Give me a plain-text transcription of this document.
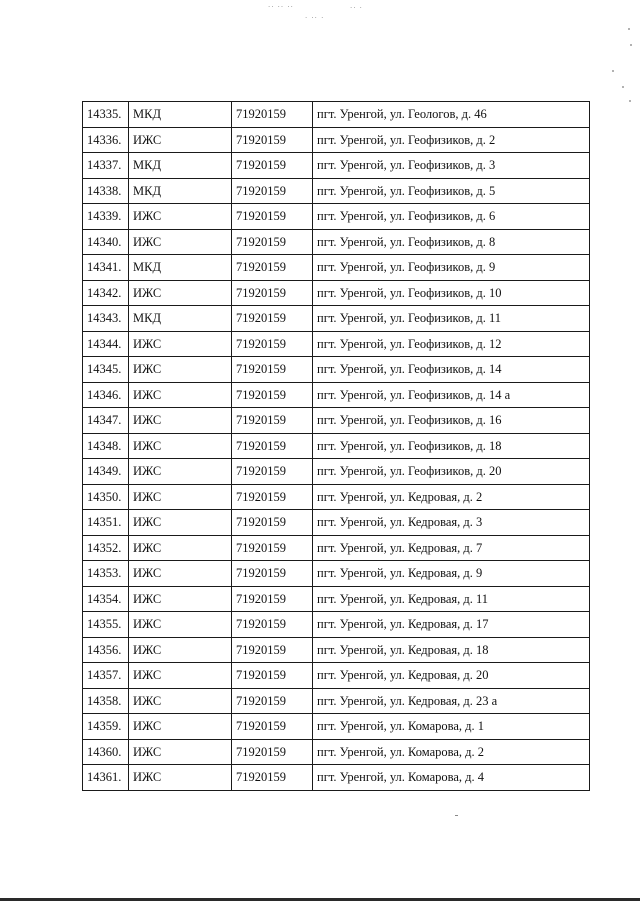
·· ·· ··
· ·· ·
·· ·
14335. МКД	71920159	пгт. Уренгой, ул. Геологов, д. 46
14336. ИЖС	71920159	пгт. Уренгой, ул. Геофизиков, д. 2
14337. МКД	71920159	пгт. Уренгой, ул. Геофизиков, д. 3
14338. МКД	71920159	пгт. Уренгой, ул. Геофизиков, д. 5
14339. ИЖС	71920159	пгт. Уренгой, ул. Геофизиков, д. 6
14340. ИЖС	71920159	пгт. Уренгой, ул. Геофизиков, д. 8
14341. МКД	71920159	пгт. Уренгой, ул. Геофизиков, д. 9
14342. ИЖС	71920159	пгт. Уренгой, ул. Геофизиков, д. 10
14343. МКД	71920159	пгт. Уренгой, ул. Геофизиков, д. 11
14344. ИЖС	71920159	пгт. Уренгой, ул. Геофизиков, д. 12
14345. ИЖС	71920159	пгт. Уренгой, ул. Геофизиков, д. 14
14346. ИЖС	71920159	пгт. Уренгой, ул. Геофизиков, д. 14 а
14347. ИЖС	71920159	пгт. Уренгой, ул. Геофизиков, д. 16
14348. ИЖС	71920159	пгт. Уренгой, ул. Геофизиков, д. 18
14349. ИЖС	71920159	пгт. Уренгой, ул. Геофизиков, д. 20
14350. ИЖС	71920159	пгт. Уренгой, ул. Кедровая, д. 2
14351. ИЖС	71920159	пгт. Уренгой, ул. Кедровая, д. 3
14352. ИЖС	71920159	пгт. Уренгой, ул. Кедровая, д. 7
14353. ИЖС	71920159	пгт. Уренгой, ул. Кедровая, д. 9
14354. ИЖС	71920159	пгт. Уренгой, ул. Кедровая, д. 11
14355. ИЖС	71920159	пгт. Уренгой, ул. Кедровая, д. 17
14356. ИЖС	71920159	пгт. Уренгой, ул. Кедровая, д. 18
14357. ИЖС	71920159	пгт. Уренгой, ул. Кедровая, д. 20
14358. ИЖС	71920159	пгт. Уренгой, ул. Кедровая, д. 23 а
14359. ИЖС	71920159	пгт. Уренгой, ул. Комарова, д. 1
14360. ИЖС	71920159	пгт. Уренгой, ул. Комарова, д. 2
14361. ИЖС	71920159	пгт. Уренгой, ул. Комарова, д. 4
